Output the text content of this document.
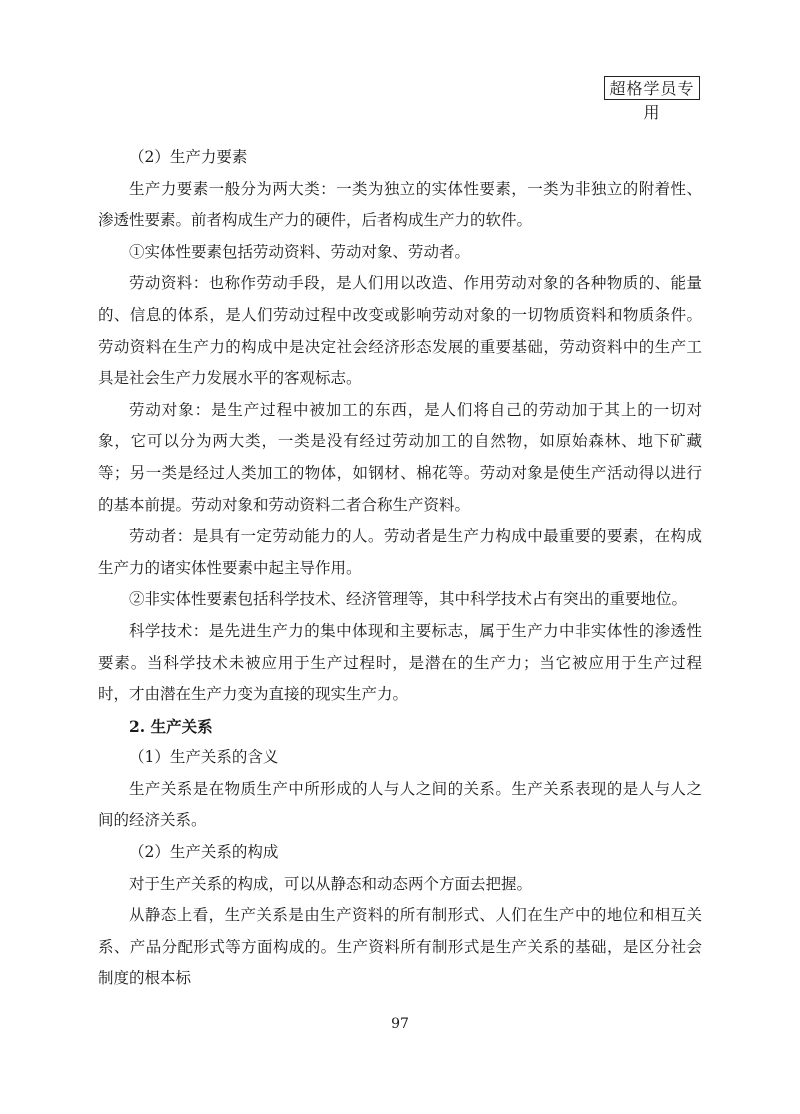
超格学员专用

（2）生产力要素

生产力要素一般分为两大类：一类为独立的实体性要素，一类为非独立的附着性、渗透性要素。前者构成生产力的硬件，后者构成生产力的软件。

①实体性要素包括劳动资料、劳动对象、劳动者。

劳动资料：也称作劳动手段，是人们用以改造、作用劳动对象的各种物质的、能量的、信息的体系，是人们劳动过程中改变或影响劳动对象的一切物质资料和物质条件。劳动资料在生产力的构成中是决定社会经济形态发展的重要基础，劳动资料中的生产工具是社会生产力发展水平的客观标志。

劳动对象：是生产过程中被加工的东西，是人们将自己的劳动加于其上的一切对象，它可以分为两大类，一类是没有经过劳动加工的自然物，如原始森林、地下矿藏等；另一类是经过人类加工的物体，如钢材、棉花等。劳动对象是使生产活动得以进行的基本前提。劳动对象和劳动资料二者合称生产资料。

劳动者：是具有一定劳动能力的人。劳动者是生产力构成中最重要的要素，在构成生产力的诸实体性要素中起主导作用。

②非实体性要素包括科学技术、经济管理等，其中科学技术占有突出的重要地位。

科学技术：是先进生产力的集中体现和主要标志，属于生产力中非实体性的渗透性要素。当科学技术未被应用于生产过程时，是潜在的生产力；当它被应用于生产过程时，才由潜在生产力变为直接的现实生产力。

2. 生产关系

（1）生产关系的含义

生产关系是在物质生产中所形成的人与人之间的关系。生产关系表现的是人与人之间的经济关系。

（2）生产关系的构成

对于生产关系的构成，可以从静态和动态两个方面去把握。

从静态上看，生产关系是由生产资料的所有制形式、人们在生产中的地位和相互关系、产品分配形式等方面构成的。生产资料所有制形式是生产关系的基础，是区分社会制度的根本标

97
